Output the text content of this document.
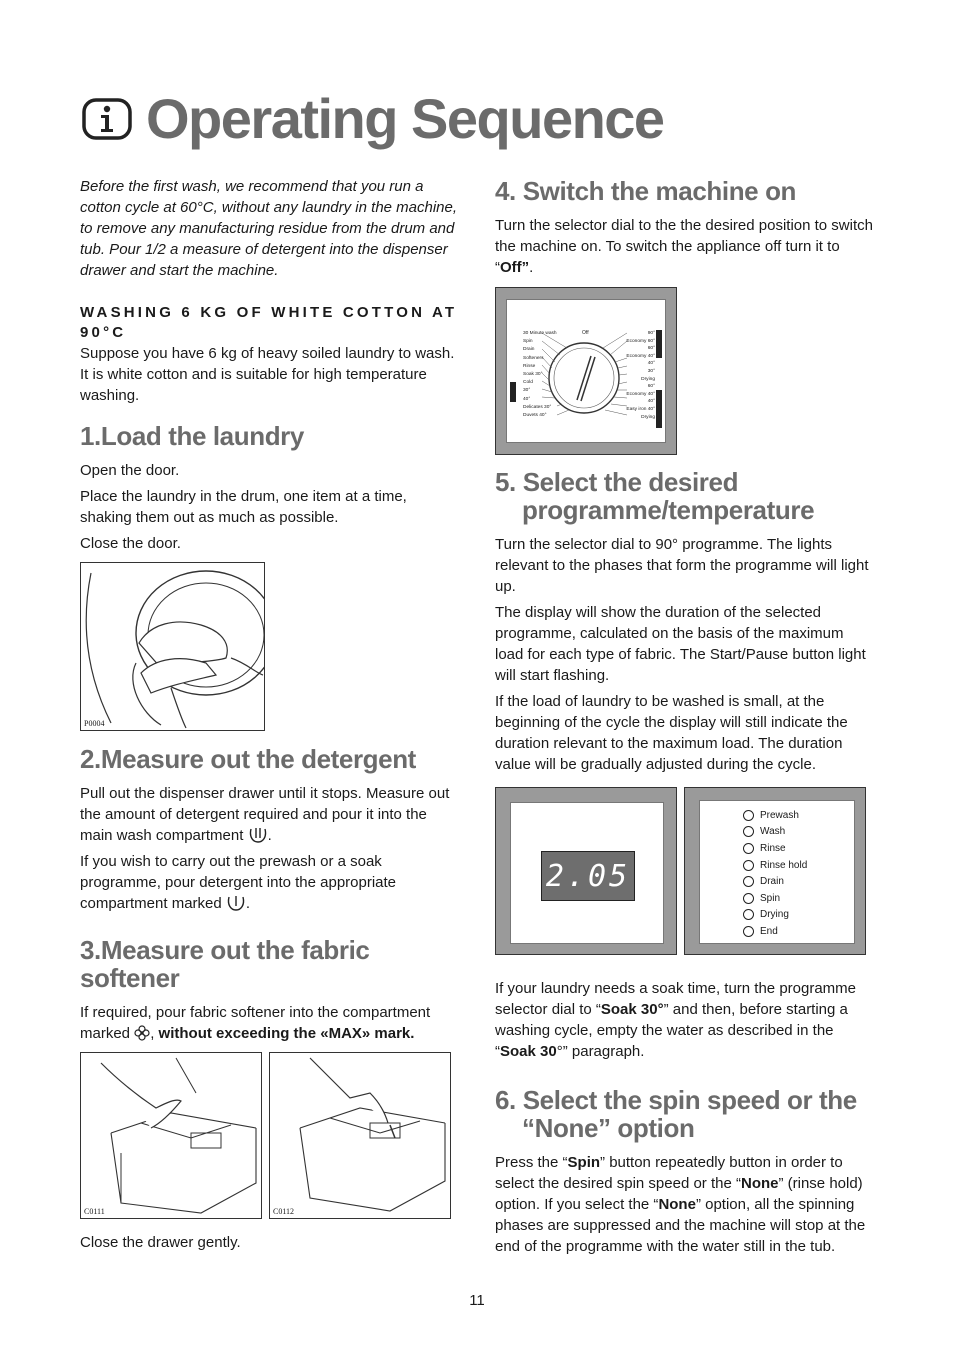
Operating Sequence

Before the first wash, we recommend that you run a cotton cycle at 60°C, without any laundry in the machine, to remove any manufacturing residue from the drum and tub. Pour 1/2 a measure of detergent into the dispenser drawer and start the machine.

WASHING 6 KG OF WHITE COTTON AT 90°C

Suppose you have 6 kg of heavy soiled laundry to wash. It is white cotton and is suitable for high temperature washing.

1.Load the laundry

Open the door.

Place the laundry in the drum, one item at a time, shaking them out as much as possible.

Close the door.

P0004
2.Measure out the detergent

Pull out the dispenser drawer until it stops. Measure out the amount of detergent required and pour it into the main wash compartment .

If you wish to carry out the prewash or a soak programme, pour detergent into the appropriate compartment marked .

3.Measure out the fabric softener

If required, pour fabric softener into the compartment marked , without exceeding the «MAX» mark.

C0111	C0112

Close the drawer gently.

4. Switch the machine on

Turn the selector dial to the the desired position to switch the machine on. To switch the appliance off turn it to “Off”.

30 Minute wash
Spin
Drain
Softeners
Rinse
Soak 30°
Cold
30°
40°
Delicates 30°
Duvets 40°
Off	90°
Economy 60°
60°
Economy 40°
40°
30°
Drying
60°
Economy 40°
40°
Easy iron 40°
Drying
5. Select the desired
programme/temperature

Turn the selector dial to 90° programme. The lights relevant to the phases that form the programme will light up.

The display will show the duration of the selected programme, calculated on the basis of the maximum load for each type of fabric. The Start/Pause button light will start flashing.

If the load of laundry to be washed is small, at the beginning of the cycle the display will still indicate the duration relevant to the maximum load. The duration value will be gradually adjusted during the cycle.

2.05
Prewash
Wash
Rinse
Rinse hold
Drain
Spin
Drying
End

If your laundry needs a soak time, turn the programme selector dial to “Soak 30°” and then, before starting a washing cycle, empty the water as described in the “Soak 30°” paragraph.

6. Select the spin speed or the
“None” option

Press the “Spin” button repeatedly button in order to select the desired spin speed or the “None” (rinse hold) option. If you select the “None” option, all the spinning phases are suppressed and the machine will stop at the end of the programme with the water still in the tub.

11
